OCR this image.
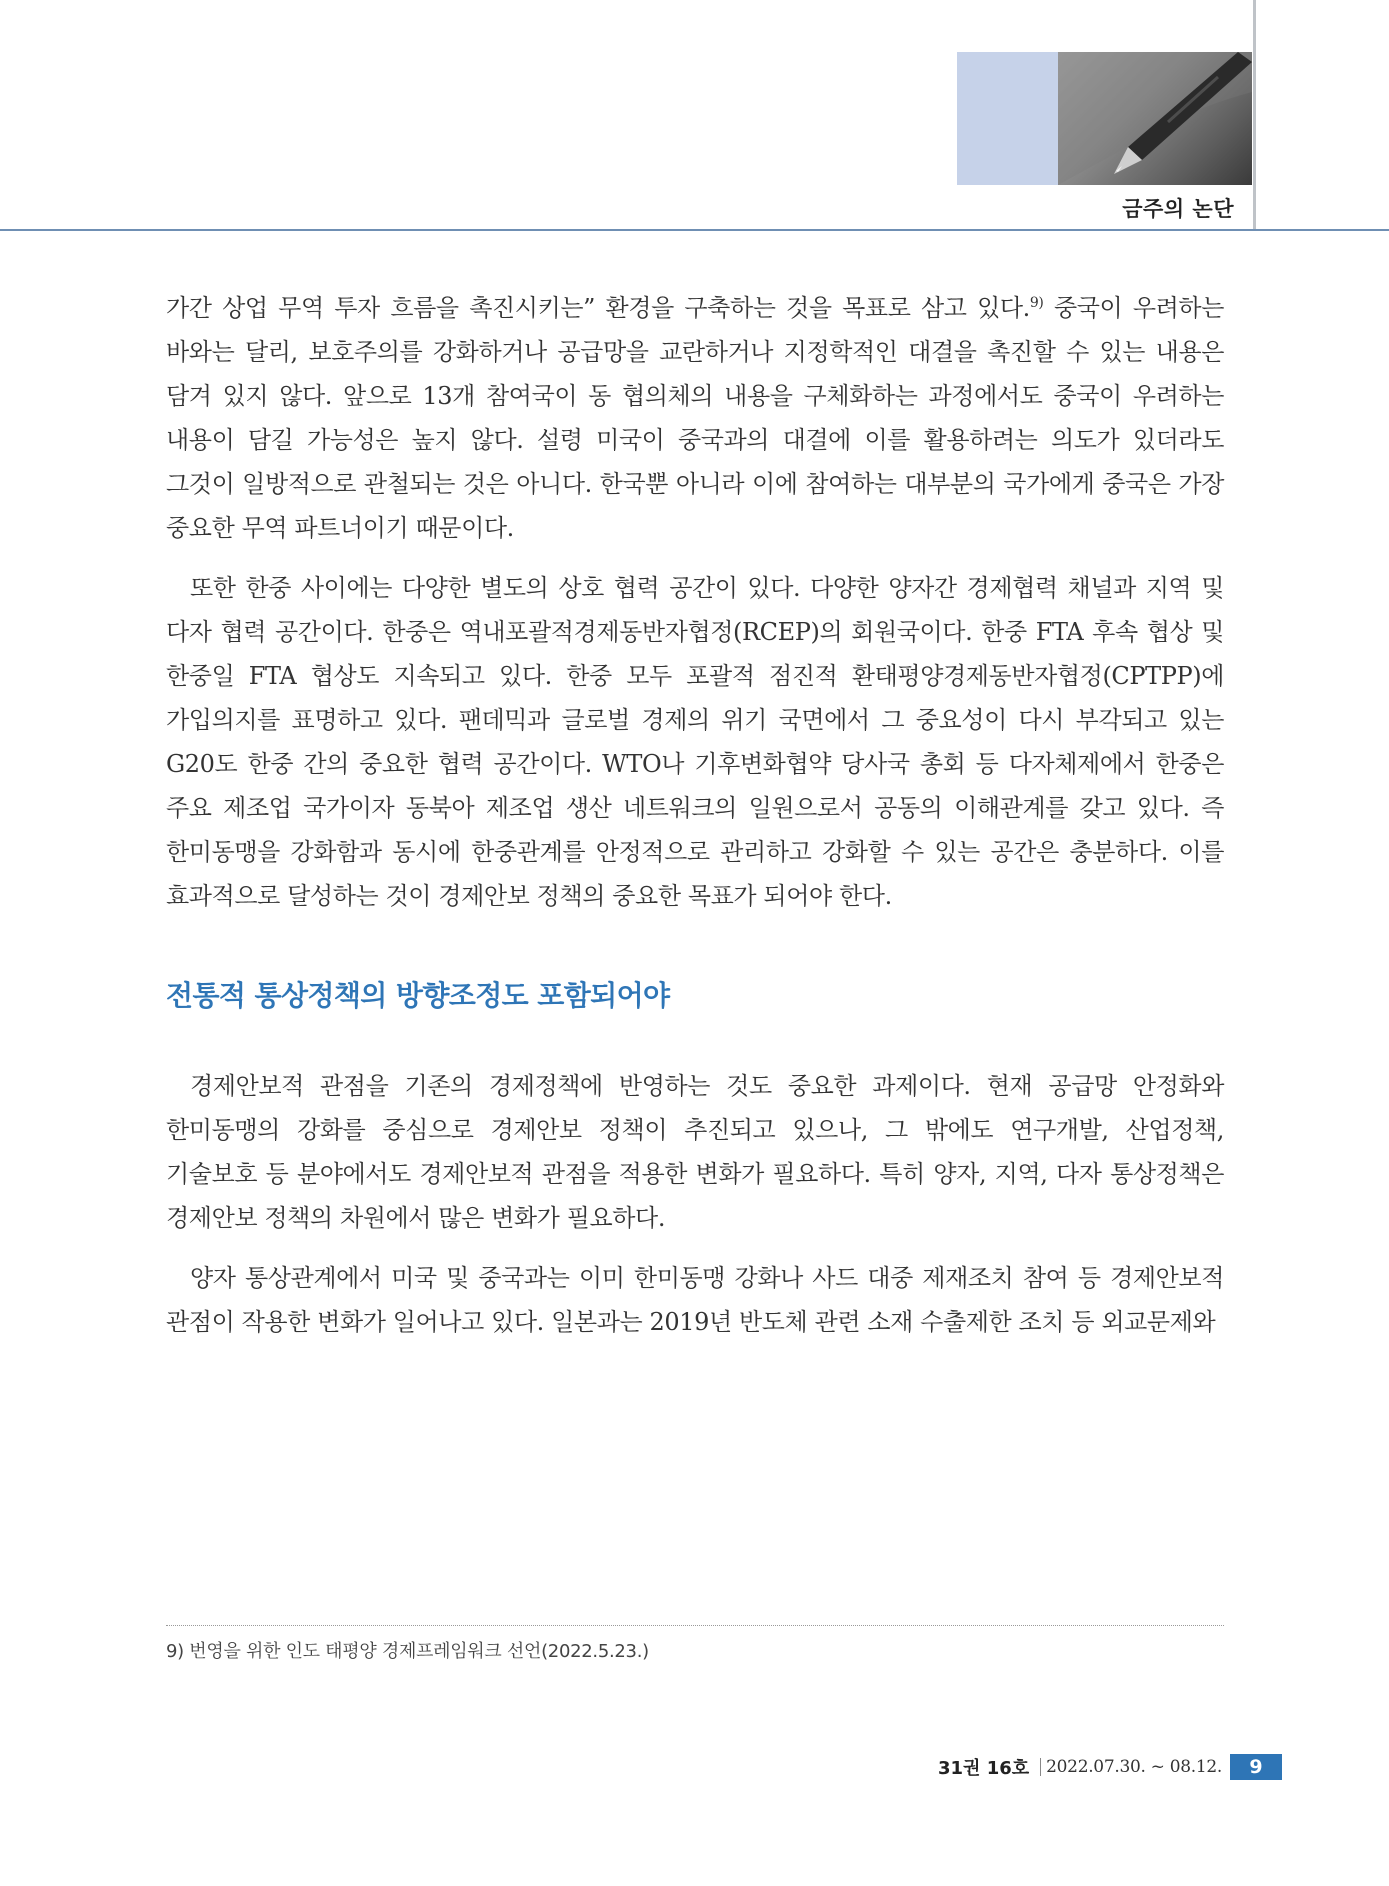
금주의 논단

가간 상업 무역 투자 흐름을 촉진시키는” 환경을 구축하는 것을 목표로 삼고 있다.$^{9)}$ 중국이 우려하는 바와는 달리, 보호주의를 강화하거나 공급망을 교란하거나 지정학적인 대결을 촉진할 수 있는 내용은 담겨 있지 않다. 앞으로 13개 참여국이 동 협의체의 내용을 구체화하는 과정에서도 중국이 우려하는 내용이 담길 가능성은 높지 않다. 설령 미국이 중국과의 대결에 이를 활용하려는 의도가 있더라도 그것이 일방적으로 관철되는 것은 아니다. 한국뿐 아니라 이에 참여하는 대부분의 국가에게 중국은 가장 중요한 무역 파트너이기 때문이다.

또한 한중 사이에는 다양한 별도의 상호 협력 공간이 있다. 다양한 양자간 경제협력 채널과 지역 및 다자 협력 공간이다. 한중은 역내포괄적경제동반자협정(RCEP)의 회원국이다. 한중 FTA 후속 협상 및 한중일 FTA 협상도 지속되고 있다. 한중 모두 포괄적 점진적 환태평양경제동반자협정(CPTPP)에 가입의지를 표명하고 있다. 팬데믹과 글로벌 경제의 위기 국면에서 그 중요성이 다시 부각되고 있는 G20도 한중 간의 중요한 협력 공간이다. WTO나 기후변화협약 당사국 총회 등 다자체제에서 한중은 주요 제조업 국가이자 동북아 제조업 생산 네트워크의 일원으로서 공동의 이해관계를 갖고 있다. 즉 한미동맹을 강화함과 동시에 한중관계를 안정적으로 관리하고 강화할 수 있는 공간은 충분하다. 이를 효과적으로 달성하는 것이 경제안보 정책의 중요한 목표가 되어야 한다.

전통적 통상정책의 방향조정도 포함되어야

경제안보적 관점을 기존의 경제정책에 반영하는 것도 중요한 과제이다. 현재 공급망 안정화와 한미동맹의 강화를 중심으로 경제안보 정책이 추진되고 있으나, 그 밖에도 연구개발, 산업정책, 기술보호 등 분야에서도 경제안보적 관점을 적용한 변화가 필요하다. 특히 양자, 지역, 다자 통상정책은 경제안보 정책의 차원에서 많은 변화가 필요하다.

양자 통상관계에서 미국 및 중국과는 이미 한미동맹 강화나 사드 대중 제재조치 참여 등 경제안보적 관점이 작용한 변화가 일어나고 있다. 일본과는 2019년 반도체 관련 소재 수출제한 조치 등 외교문제와

9) 번영을 위한 인도 태평양 경제프레임워크 선언(2022.5.23.)
31권 16호	2022.07.30. ~ 08.12.	9
